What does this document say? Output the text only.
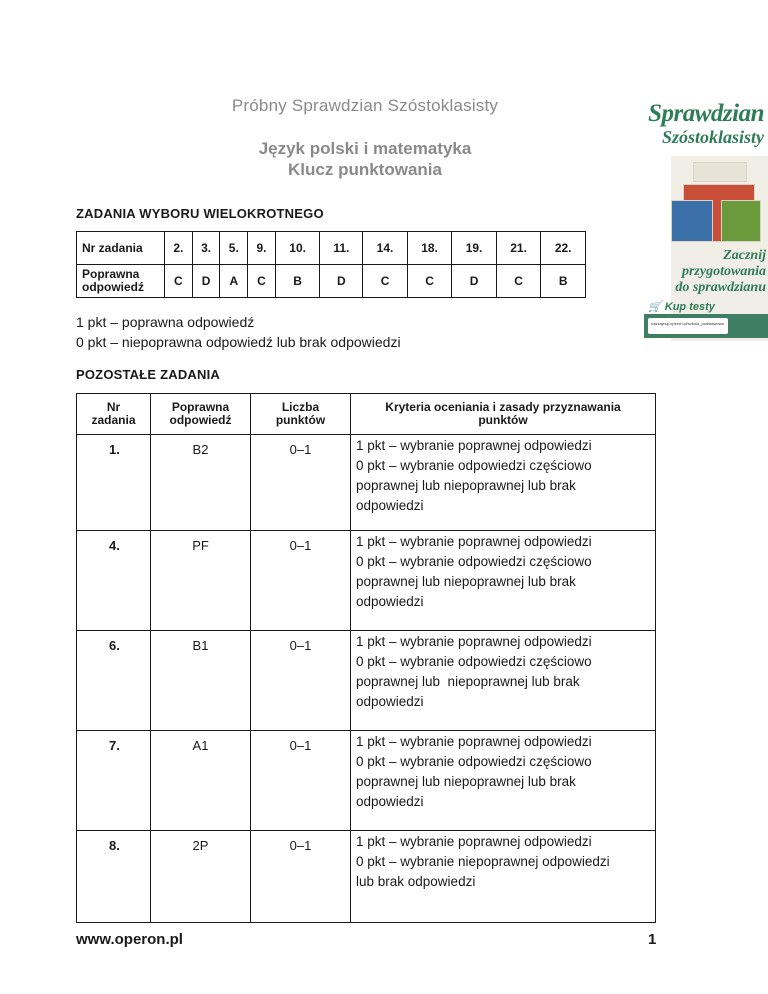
Próbny Sprawdzian Szóstoklasisty
Język polski i matematyka
Klucz punktowania
Sprawdzian
Szóstoklasisty
Zacznij
przygotowania
do sprawdzianu
🛒 Kup testy
rowzajesp.operon.pl/szkola_podstawowa
ZADANIA WYBORU WIELOKROTNEGO
Nr zadania	2.	3.	5.	9.	10.	11.	14.	18.	19.	21.	22.
Poprawna odpowiedź	C	D	A	C	B	D	C	C	D	C	B
1 pkt – poprawna odpowiedź
0 pkt – niepoprawna odpowiedź lub brak odpowiedzi
POZOSTAŁE ZADANIA
Nr zadania	Poprawna odpowiedź	Liczba punktów	Kryteria oceniania i zasady przyznawania punktów
1.	B2	0–1	1 pkt – wybranie poprawnej odpowiedzi
0 pkt – wybranie odpowiedzi częściowo
poprawnej lub niepoprawnej lub brak
odpowiedzi

4.	PF	0–1	1 pkt – wybranie poprawnej odpowiedzi
0 pkt – wybranie odpowiedzi częściowo
poprawnej lub niepoprawnej lub brak
odpowiedzi

6.	B1	0–1	1 pkt – wybranie poprawnej odpowiedzi
0 pkt – wybranie odpowiedzi częściowo
poprawnej lub  niepoprawnej lub brak
odpowiedzi

7.	A1	0–1	1 pkt – wybranie poprawnej odpowiedzi
0 pkt – wybranie odpowiedzi częściowo
poprawnej lub niepoprawnej lub brak
odpowiedzi

8.	2P	0–1	1 pkt – wybranie poprawnej odpowiedzi
0 pkt – wybranie niepoprawnej odpowiedzi
lub brak odpowiedzi
www.operon.pl	1
